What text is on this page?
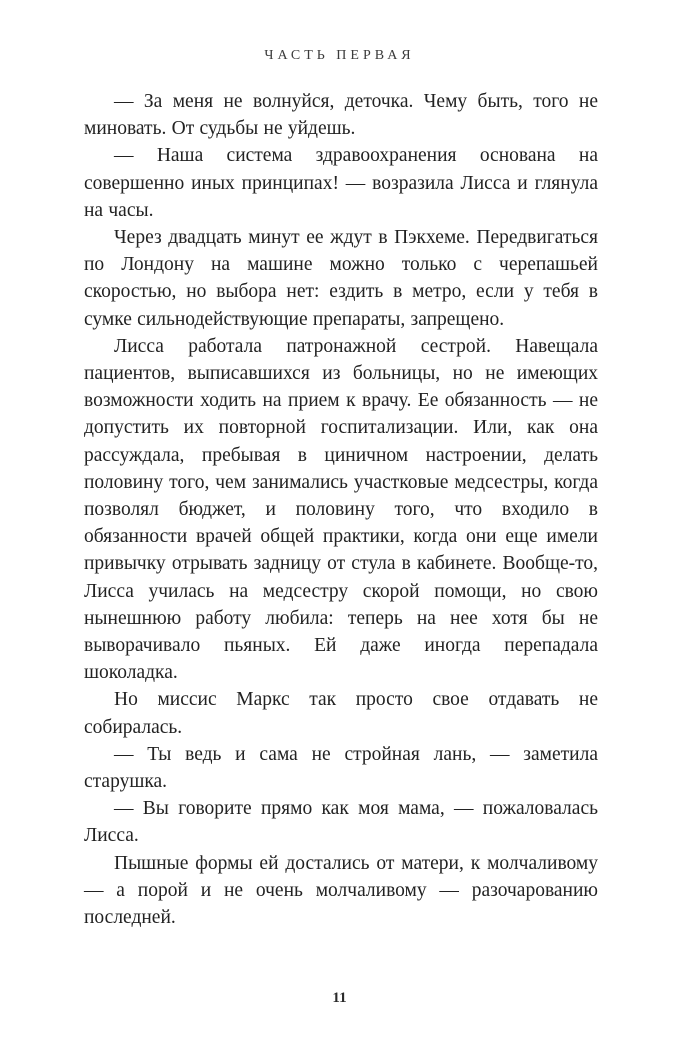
ЧАСТЬ ПЕРВАЯ

— За меня не волнуйся, деточка. Чему быть, того не миновать. От судьбы не уйдешь.

— Наша система здравоохранения основана на совершенно иных принципах! — возразила Лисса и глянула на часы.

Через двадцать минут ее ждут в Пэкхеме. Передвигаться по Лондону на машине можно только с черепашьей скоростью, но выбора нет: ездить в метро, если у тебя в сумке сильнодействующие препараты, запрещено.

Лисса работала патронажной сестрой. Навещала пациентов, выписавшихся из больницы, но не имеющих возможности ходить на прием к врачу. Ее обязанность — не допустить их повторной госпитализации. Или, как она рассуждала, пребывая в циничном настроении, делать половину того, чем занимались участковые медсестры, когда позволял бюджет, и половину того, что входило в обязанности врачей общей практики, когда они еще имели привычку отрывать задницу от стула в кабинете. Вообще-то, Лисса училась на медсестру скорой помощи, но свою нынешнюю работу любила: теперь на нее хотя бы не выворачивало пьяных. Ей даже иногда перепадала шоколадка.

Но миссис Маркс так просто свое отдавать не собиралась.

— Ты ведь и сама не стройная лань, — заметила старушка.

— Вы говорите прямо как моя мама, — пожаловалась Лисса.

Пышные формы ей достались от матери, к молчаливому — а порой и не очень молчаливому — разочарованию последней.

11
